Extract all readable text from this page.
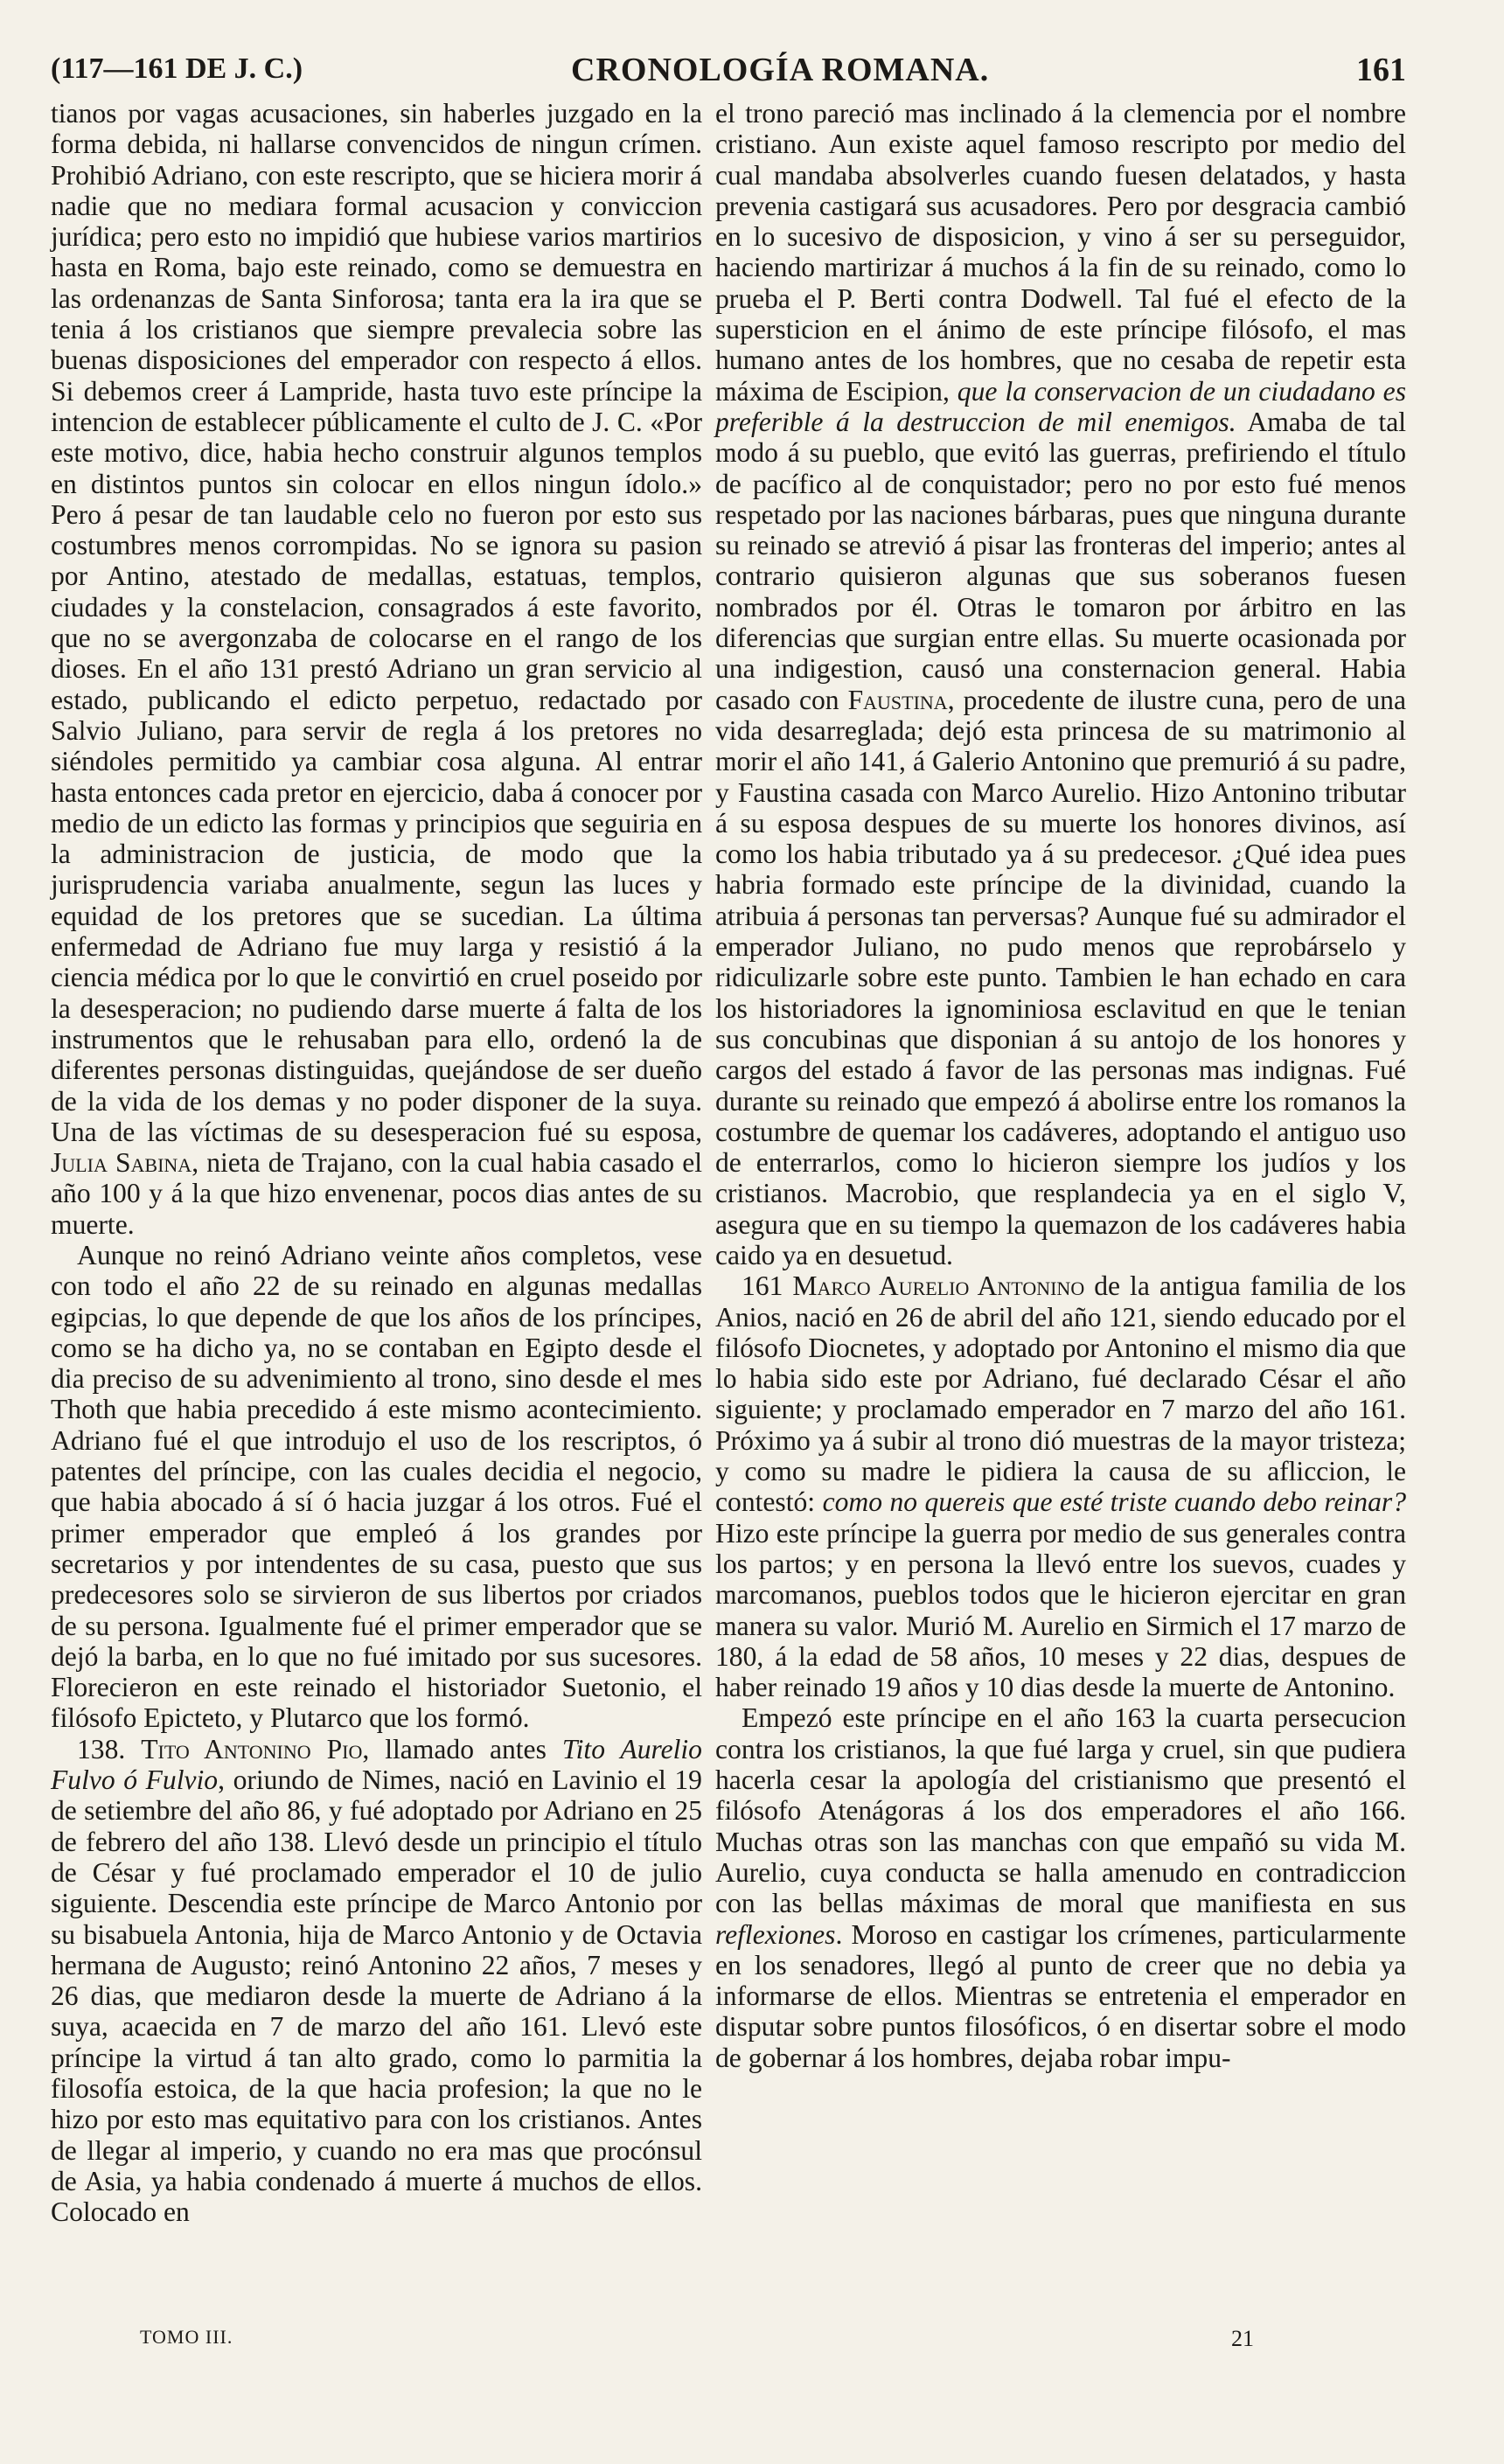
(117—161 DE J. C.)	CRONOLOGÍA ROMANA.	161

tianos por vagas acusaciones, sin haberles juzgado en la forma debida, ni hallarse convencidos de ningun crímen. Prohibió Adriano, con este rescripto, que se hiciera morir á nadie que no mediara formal acusacion y conviccion jurídica; pero esto no impidió que hubiese varios martirios hasta en Roma, bajo este reinado, como se demuestra en las ordenanzas de Santa Sinforosa; tanta era la ira que se tenia á los cristianos que siempre prevalecia sobre las buenas disposiciones del emperador con respecto á ellos. Si debemos creer á Lampride, hasta tuvo este príncipe la intencion de establecer públicamente el culto de J. C. «Por este motivo, dice, habia hecho construir algunos templos en distintos puntos sin colocar en ellos ningun ídolo.» Pero á pesar de tan laudable celo no fueron por esto sus costumbres menos corrompidas. No se ignora su pasion por Antino, atestado de medallas, estatuas, templos, ciudades y la constelacion, consagrados á este favorito, que no se avergonzaba de colocarse en el rango de los dioses. En el año 131 prestó Adriano un gran servicio al estado, publicando el edicto perpetuo, redactado por Salvio Juliano, para servir de regla á los pretores no siéndoles permitido ya cambiar cosa alguna. Al entrar hasta entonces cada pretor en ejercicio, daba á conocer por medio de un edicto las formas y principios que seguiria en la administracion de justicia, de modo que la jurisprudencia variaba anualmente, segun las luces y equidad de los pretores que se sucedian. La última enfermedad de Adriano fue muy larga y resistió á la ciencia médica por lo que le convirtió en cruel poseido por la desesperacion; no pudiendo darse muerte á falta de los instrumentos que le rehusaban para ello, ordenó la de diferentes personas distinguidas, quejándose de ser dueño de la vida de los demas y no poder disponer de la suya. Una de las víctimas de su desesperacion fué su esposa, Julia Sabina, nieta de Trajano, con la cual habia casado el año 100 y á la que hizo envenenar, pocos dias antes de su muerte.

Aunque no reinó Adriano veinte años completos, vese con todo el año 22 de su reinado en algunas medallas egipcias, lo que depende de que los años de los príncipes, como se ha dicho ya, no se contaban en Egipto desde el dia preciso de su advenimiento al trono, sino desde el mes Thoth que habia precedido á este mismo acontecimiento. Adriano fué el que introdujo el uso de los rescriptos, ó patentes del príncipe, con las cuales decidia el negocio, que habia abocado á sí ó hacia juzgar á los otros. Fué el primer emperador que empleó á los grandes por secretarios y por intendentes de su casa, puesto que sus predecesores solo se sirvieron de sus libertos por criados de su persona. Igualmente fué el primer emperador que se dejó la barba, en lo que no fué imitado por sus sucesores. Florecieron en este reinado el historiador Suetonio, el filósofo Epicteto, y Plutarco que los formó.

138. Tito Antonino Pio, llamado antes Tito Aurelio Fulvo ó Fulvio, oriundo de Nimes, nació en Lavinio el 19 de setiembre del año 86, y fué adoptado por Adriano en 25 de febrero del año 138. Llevó desde un principio el título de César y fué proclamado emperador el 10 de julio siguiente. Descendia este príncipe de Marco Antonio por su bisabuela Antonia, hija de Marco Antonio y de Octavia hermana de Augusto; reinó Antonino 22 años, 7 meses y 26 dias, que mediaron desde la muerte de Adriano á la suya, acaecida en 7 de marzo del año 161. Llevó este príncipe la virtud á tan alto grado, como lo parmitia la filosofía estoica, de la que hacia profesion; la que no le hizo por esto mas equitativo para con los cristianos. Antes de llegar al imperio, y cuando no era mas que procónsul de Asia, ya habia condenado á muerte á muchos de ellos. Colocado en

el trono pareció mas inclinado á la clemencia por el nombre cristiano. Aun existe aquel famoso rescripto por medio del cual mandaba absolverles cuando fuesen delatados, y hasta prevenia castigará sus acusadores. Pero por desgracia cambió en lo sucesivo de disposicion, y vino á ser su perseguidor, haciendo martirizar á muchos á la fin de su reinado, como lo prueba el P. Berti contra Dodwell. Tal fué el efecto de la supersticion en el ánimo de este príncipe filósofo, el mas humano antes de los hombres, que no cesaba de repetir esta máxima de Escipion, que la conservacion de un ciudadano es preferible á la destruccion de mil enemigos. Amaba de tal modo á su pueblo, que evitó las guerras, prefiriendo el título de pacífico al de conquistador; pero no por esto fué menos respetado por las naciones bárbaras, pues que ninguna durante su reinado se atrevió á pisar las fronteras del imperio; antes al contrario quisieron algunas que sus soberanos fuesen nombrados por él. Otras le tomaron por árbitro en las diferencias que surgian entre ellas. Su muerte ocasionada por una indigestion, causó una consternacion general. Habia casado con Faustina, procedente de ilustre cuna, pero de una vida desarreglada; dejó esta princesa de su matrimonio al morir el año 141, á Galerio Antonino que premurió á su padre, y Faustina casada con Marco Aurelio. Hizo Antonino tributar á su esposa despues de su muerte los honores divinos, así como los habia tributado ya á su predecesor. ¿Qué idea pues habria formado este príncipe de la divinidad, cuando la atribuia á personas tan perversas? Aunque fué su admirador el emperador Juliano, no pudo menos que reprobárselo y ridiculizarle sobre este punto. Tambien le han echado en cara los historiadores la ignominiosa esclavitud en que le tenian sus concubinas que disponian á su antojo de los honores y cargos del estado á favor de las personas mas indignas. Fué durante su reinado que empezó á abolirse entre los romanos la costumbre de quemar los cadáveres, adoptando el antiguo uso de enterrarlos, como lo hicieron siempre los judíos y los cristianos. Macrobio, que resplandecia ya en el siglo V, asegura que en su tiempo la quemazon de los cadáveres habia caido ya en desuetud.

161 Marco Aurelio Antonino de la antigua familia de los Anios, nació en 26 de abril del año 121, siendo educado por el filósofo Diocnetes, y adoptado por Antonino el mismo dia que lo habia sido este por Adriano, fué declarado César el año siguiente; y proclamado emperador en 7 marzo del año 161. Próximo ya á subir al trono dió muestras de la mayor tristeza; y como su madre le pidiera la causa de su afliccion, le contestó: como no quereis que esté triste cuando debo reinar? Hizo este príncipe la guerra por medio de sus generales contra los partos; y en persona la llevó entre los suevos, cuades y marcomanos, pueblos todos que le hicieron ejercitar en gran manera su valor. Murió M. Aurelio en Sirmich el 17 marzo de 180, á la edad de 58 años, 10 meses y 22 dias, despues de haber reinado 19 años y 10 dias desde la muerte de Antonino.

Empezó este príncipe en el año 163 la cuarta persecucion contra los cristianos, la que fué larga y cruel, sin que pudiera hacerla cesar la apología del cristianismo que presentó el filósofo Atenágoras á los dos emperadores el año 166. Muchas otras son las manchas con que empañó su vida M. Aurelio, cuya conducta se halla amenudo en contradiccion con las bellas máximas de moral que manifiesta en sus reflexiones. Moroso en castigar los crímenes, particularmente en los senadores, llegó al punto de creer que no debia ya informarse de ellos. Mientras se entretenia el emperador en disputar sobre puntos filosóficos, ó en disertar sobre el modo de gobernar á los hombres, dejaba robar impu-

TOMO III.	21
